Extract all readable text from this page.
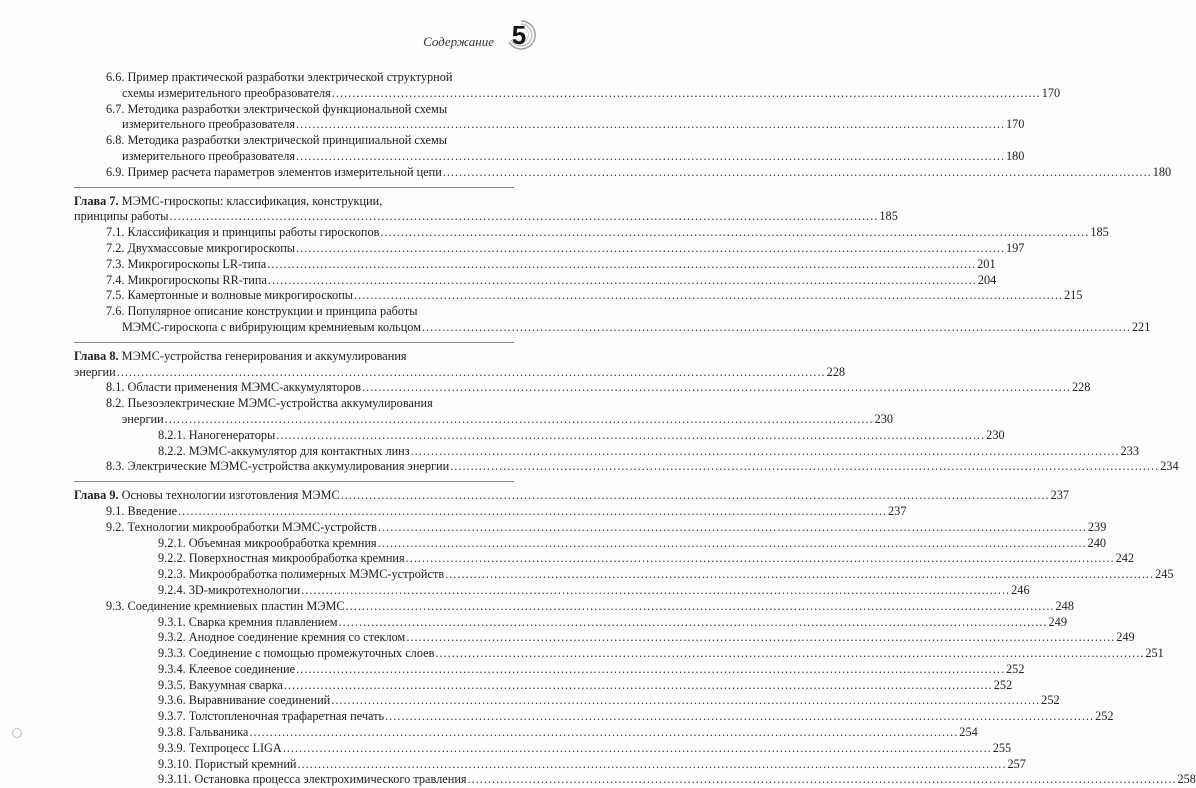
Содержание 5
6.6. Пример практической разработки электрической структурной
схемы измерительного преобразователя .....	170
6.7. Методика разработки электрической функциональной схемы
измерительного преобразователя .....	170
6.8. Методика разработки электрической принципиальной схемы
измерительного преобразователя .....	180
6.9. Пример расчета параметров элементов измерительной цепи .....	180
Глава 7. МЭМС-гироскопы: классификация, конструкции,
принципы работы .....	185
7.1. Классификация и принципы работы гироскопов .....	185
7.2. Двухмассовые микрогироскопы .....	197
7.3. Микрогироскопы LR-типа .....	201
7.4. Микрогироскопы RR-типа .....	204
7.5. Камертонные и волновые микрогироскопы .....	215
7.6. Популярное описание конструкции и принципа работы
МЭМС-гироскопа с вибрирующим кремниевым кольцом .....	221
Глава 8. МЭМС-устройства генерирования и аккумулирования
энергии .....	228
8.1. Области применения МЭМС-аккумуляторов .....	228
8.2. Пьезоэлектрические МЭМС-устройства аккумулирования
энергии .....	230
8.2.1. Наногенераторы .....	230
8.2.2. МЭМС-аккумулятор для контактных линз .....	233
8.3. Электрические МЭМС-устройства аккумулирования энергии .....	234
Глава 9. Основы технологии изготовления МЭМС .....	237
9.1. Введение .....	237
9.2. Технологии микрообработки МЭМС-устройств .....	239
9.2.1. Объемная микрообработка кремния .....	240
9.2.2. Поверхностная микрообработка кремния .....	242
9.2.3. Микрообработка полимерных МЭМС-устройств .....	245
9.2.4. 3D-микротехнологии .....	246
9.3. Соединение кремниевых пластин МЭМС .....	248
9.3.1. Сварка кремния плавлением .....	249
9.3.2. Анодное соединение кремния со стеклом .....	249
9.3.3. Соединение с помощью промежуточных слоев .....	251
9.3.4. Клеевое соединение .....	252
9.3.5. Вакуумная сварка .....	252
9.3.6. Выравнивание соединений .....	252
9.3.7. Толстопленочная трафаретная печать .....	252
9.3.8. Гальваника .....	254
9.3.9. Техпроцесс LIGA .....	255
9.3.10. Пористый кремний .....	257
9.3.11. Остановка процесса электрохимического травления .....	258
